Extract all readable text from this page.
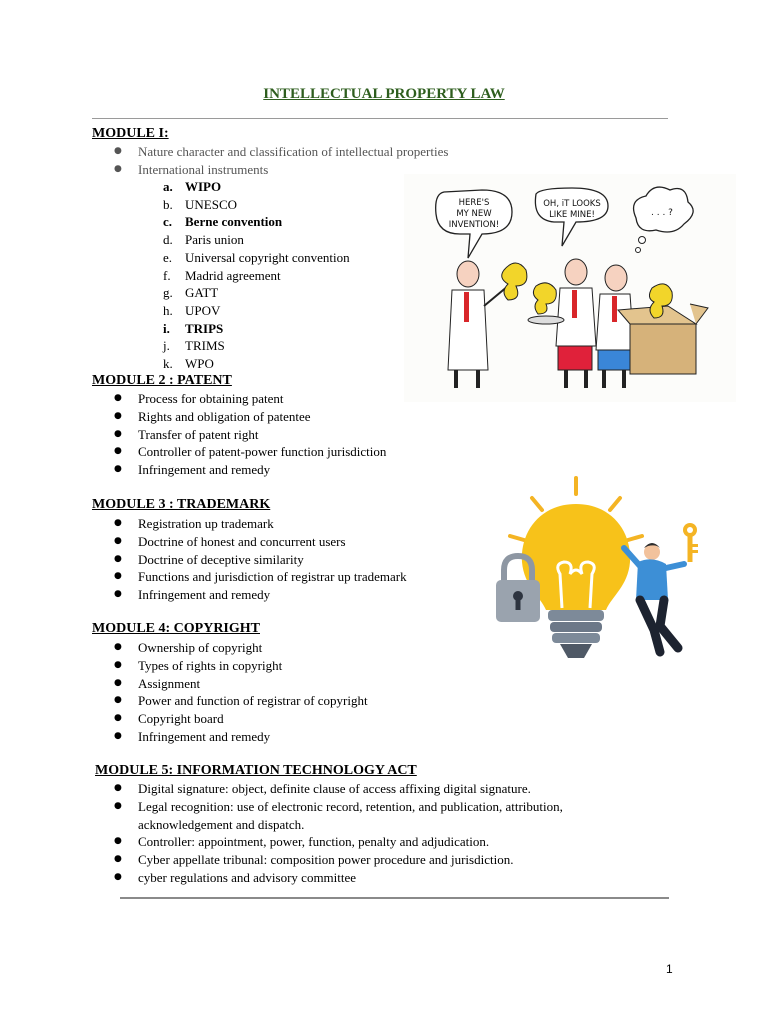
INTELLECTUAL PROPERTY LAW
MODULE I:
● Nature character and classification of intellectual properties
● International instruments
a. WIPO
b. UNESCO
c. Berne convention
d. Paris union
e. Universal copyright convention
f. Madrid agreement
g. GATT
h. UPOV
i. TRIPS
j. TRIMS
k. WPO
MODULE 2 : PATENT
● Process for obtaining patent
● Rights and obligation of patentee
● Transfer of patent right
● Controller of patent-power function jurisdiction
● Infringement and remedy
MODULE 3 : TRADEMARK
● Registration up trademark
● Doctrine of honest and concurrent users
● Doctrine of deceptive similarity
● Functions and jurisdiction of registrar up trademark
● Infringement and remedy
MODULE 4: COPYRIGHT
● Ownership of copyright
● Types of rights in copyright
● Assignment
● Power and function of registrar of copyright
● Copyright board
● Infringement and remedy
MODULE 5: INFORMATION TECHNOLOGY ACT
● Digital signature: object, definite clause of access affixing digital signature.
● Legal recognition: use of electronic record, retention, and publication, attribution, acknowledgement and dispatch.
● Controller: appointment, power, function, penalty and adjudication.
● Cyber appellate tribunal: composition power procedure and jurisdiction.
● cyber regulations and advisory committee
1
HERE'S
MY NEW
INVENTION!
OH, iT LOOKS
LIKE MINE!	. . . ?
